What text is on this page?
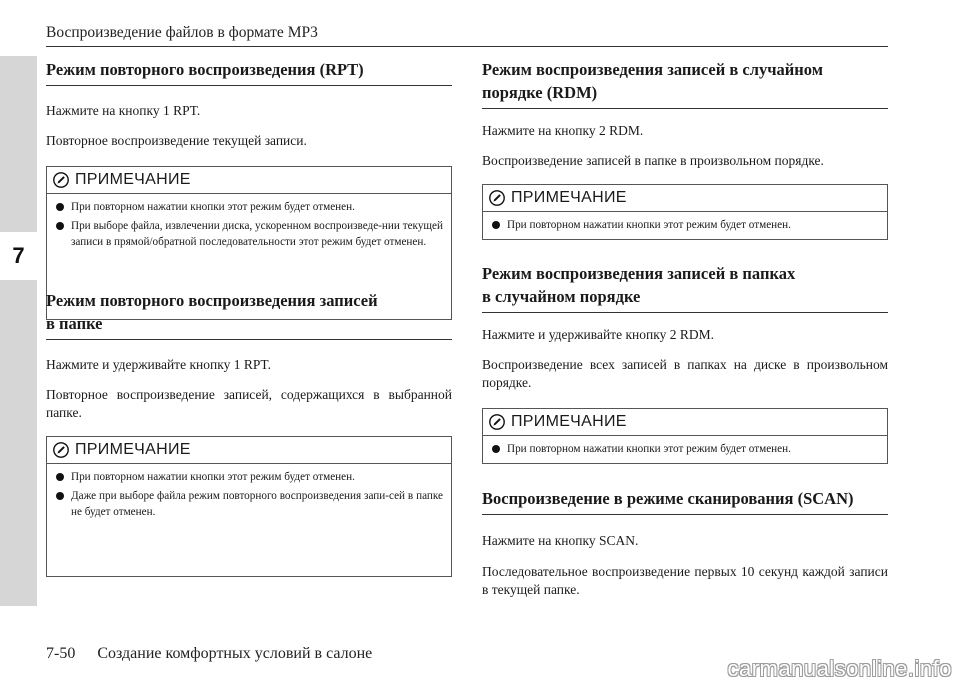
7
Воспроизведение файлов в формате MP3
Режим повторного воспроизведения (RPT)

Нажмите на кнопку 1 RPT.

Повторное воспроизведение текущей записи.

ПРИМЕЧАНИЕ
При повторном нажатии кнопки этот режим будет отменен.
При выборе файла, извлечении диска, ускоренном воспроизведе-нии текущей записи в прямой/обратной последовательности этот режим будет отменен.
Режим повторного воспроизведения записей
в папке

Нажмите и удерживайте кнопку 1 RPT.

Повторное воспроизведение записей, содержащихся в выбранной папке.

ПРИМЕЧАНИЕ
При повторном нажатии кнопки этот режим будет отменен.
Даже при выборе файла режим повторного воспроизведения запи-сей в папке не будет отменен.
Режим воспроизведения записей в случайном
порядке (RDM)

Нажмите на кнопку 2 RDM.

Воспроизведение записей в папке в произвольном порядке.

ПРИМЕЧАНИЕ
При повторном нажатии кнопки этот режим будет отменен.
Режим воспроизведения записей в папках
в случайном порядке

Нажмите и удерживайте кнопку 2 RDM.

Воспроизведение всех записей в папках на диске в произвольном порядке.

ПРИМЕЧАНИЕ
При повторном нажатии кнопки этот режим будет отменен.
Воспроизведение в режиме сканирования (SCAN)

Нажмите на кнопку SCAN.

Последовательное воспроизведение первых 10 секунд каждой записи в текущей папке.

7-50 Создание комфортных условий в салоне
carmanualsonline.info
